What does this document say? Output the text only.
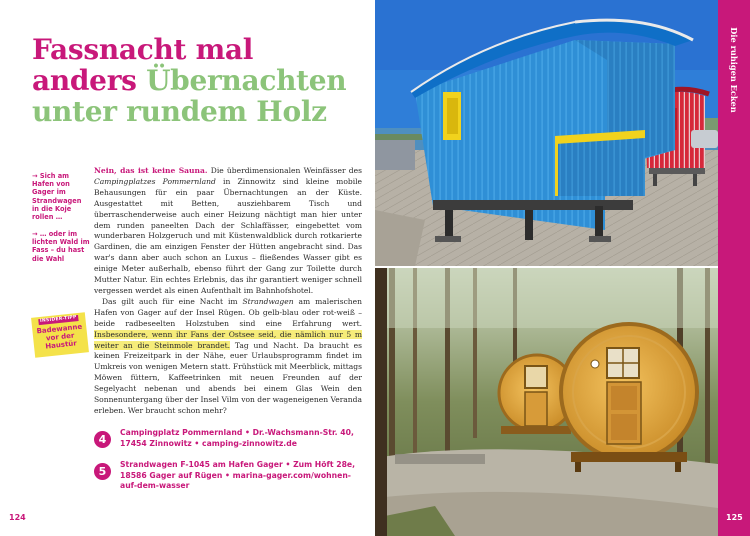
Fassnacht mal
anders Übernachten
unter rundem Holz
→ Sich am Hafen von Gager im Strandwagen in die Koje rollen …
→ … oder im lichten Wald im Fass – du hast die Wahl
INSIDER-TIPP
Badewanne vor der Haustür

Nein, das ist keine Sauna. Die überdimensionalen Weinfässer des Campingplatzes Pommernland in Zinnowitz sind kleine mobile Behausungen für ein paar Übernachtungen an der Küste. Ausgestattet mit Betten, ausziehbarem Tisch und überraschenderweise auch einer Heizung nächtigt man hier unter dem runden paneelten Dach der Schlaffässer, eingebettet vom wunderbaren Holzgeruch und mit Küstenwaldblick durch rotkarierte Gardinen, die am einzigen Fenster der Hütten angebracht sind. Das war's dann aber auch schon an Luxus – fließendes Wasser gibt es einige Meter außerhalb, ebenso führt der Gang zur Toilette durch Mutter Natur. Ein echtes Erlebnis, das ihr garantiert weniger schnell vergessen werdet als einen Aufenthalt im Bahnhofshotel.

Das gilt auch für eine Nacht im Strandwagen am malerischen Hafen von Gager auf der Insel Rügen. Ob gelb-blau oder rot-weiß – beide radbeseelten Holzstuben sind eine Erfahrung wert. Insbesondere, wenn ihr Fans der Ostsee seid, die nämlich nur 5 m weiter an die Steinmole brandet. Tag und Nacht. Da braucht es keinen Freizeitpark in der Nähe, euer Urlaubsprogramm findet im Umkreis von wenigen Metern statt. Frühstück mit Meerblick, mittags Möwen füttern, Kaffeetrinken mit neuen Freunden auf der Segelyacht nebenan und abends bei einem Glas Wein den Sonnenuntergang über der Insel Vilm von der wageneigenen Veranda erleben. Wer braucht schon mehr?

4
Campingplatz Pommernland • Dr.-Wachsmann-Str. 40, 17454 Zinnowitz • camping-zinnowitz.de
5
Strandwagen F-1045 am Hafen Gager • Zum Höft 28e, 18586 Gager auf Rügen • marina-gager.com/wohnen-auf-dem-wasser
124
Die ruhigen Ecken
125
